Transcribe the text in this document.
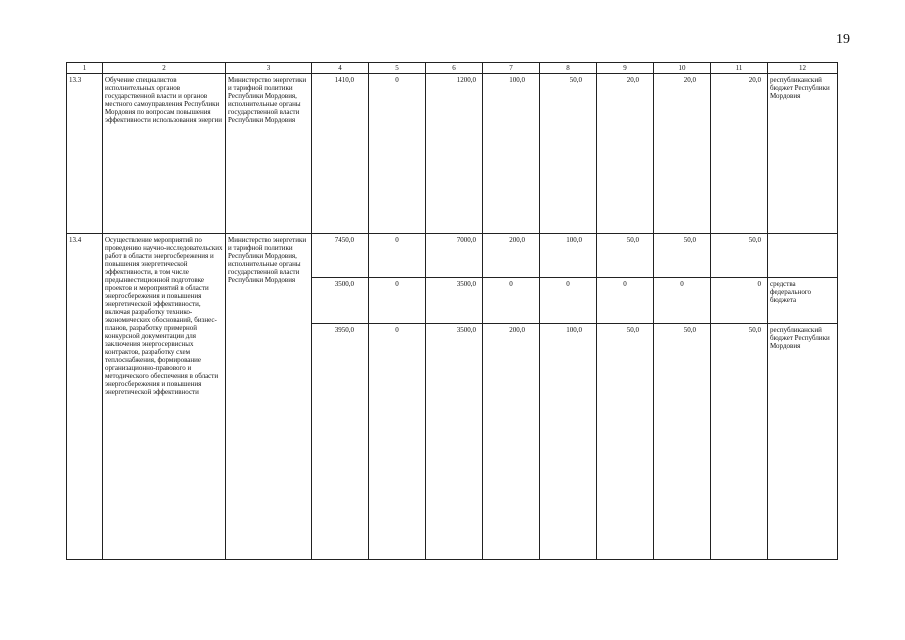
19
1	2	3	4	5	6	7	8	9	10	11	12
13.3	Обучение специалистов исполнительных органов государственной власти и органов местного самоуправления Республики Мордовия по вопросам повышения эффективности использования энергии	Министерство энергетики и тарифной политики Республики Мордовия, исполнительные органы государственной власти Республики Мордовия	1410,0	0	1200,0	100,0	50,0	20,0	20,0	20,0	республиканский бюджет Республики Мордовия
13.4	Осуществление мероприятий по проведению научно-исследовательских работ в области энергосбережения и повышения энергетической эффективности, в том числе предынвестиционной подготовке проектов и мероприятий в области энергосбережения и повышения энергетической эффективности, включая разработку технико-экономических обоснований, бизнес-планов, разработку примерной конкурсной документации для заключения энергосервисных контрактов, разработку схем теплоснабжения, формирование организационно-правового и методического обеспечения в области энергосбережения и повышения энергетической эффективности	Министерство энергетики и тарифной политики Республики Мордовия, исполнительные органы государственной власти Республики Мордовия	7450,0	0	7000,0	200,0	100,0	50,0	50,0	50,0	
			3500,0	0	3500,0	0	0	0	0	0	средства федерального бюджета
			3950,0	0	3500,0	200,0	100,0	50,0	50,0	50,0	республиканский бюджет Республики Мордовия
